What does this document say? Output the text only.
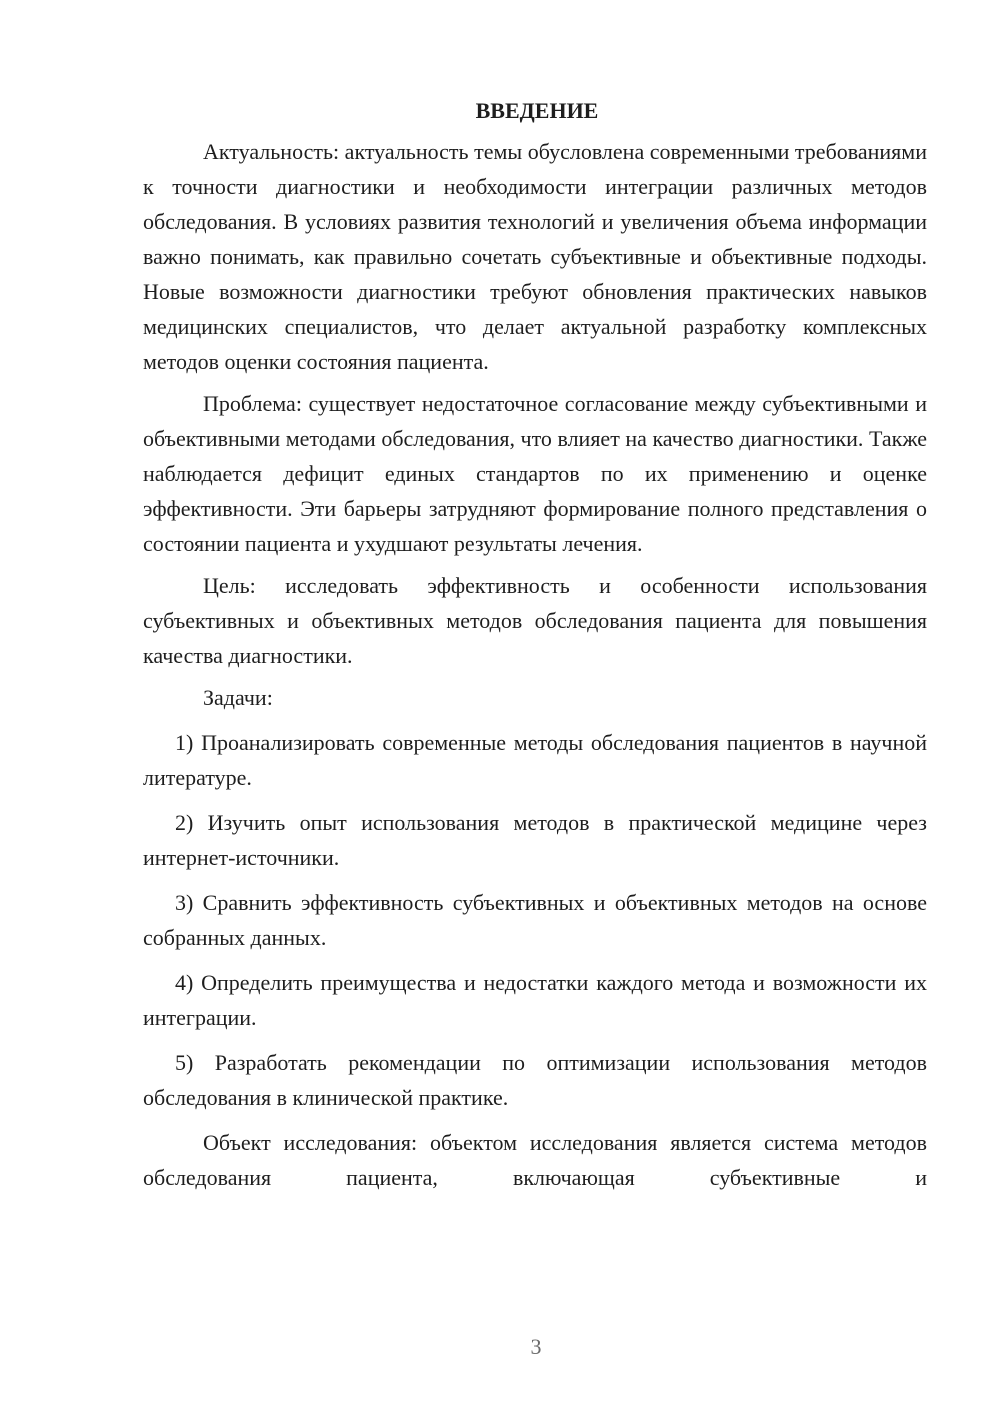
ВВЕДЕНИЕ

Актуальность: актуальность темы обусловлена современными требованиями к точности диагностики и необходимости интеграции различных методов обследования. В условиях развития технологий и увеличения объема информации важно понимать, как правильно сочетать субъективные и объективные подходы. Новые возможности диагностики требуют обновления практических навыков медицинских специалистов, что делает актуальной разработку комплексных методов оценки состояния пациента.

Проблема: существует недостаточное согласование между субъективными и объективными методами обследования, что влияет на качество диагностики. Также наблюдается дефицит единых стандартов по их применению и оценке эффективности. Эти барьеры затрудняют формирование полного представления о состоянии пациента и ухудшают результаты лечения.

Цель: исследовать эффективность и особенности использования субъективных и объективных методов обследования пациента для повышения качества диагностики.

Задачи:

1) Проанализировать современные методы обследования пациентов в научной литературе.

2) Изучить опыт использования методов в практической медицине через интернет-источники.

3) Сравнить эффективность субъективных и объективных методов на основе собранных данных.

4) Определить преимущества и недостатки каждого метода и возможности их интеграции.

5) Разработать рекомендации по оптимизации использования методов обследования в клинической практике.

Объект исследования: объектом исследования является система методов обследования пациента, включающая субъективные и

3
